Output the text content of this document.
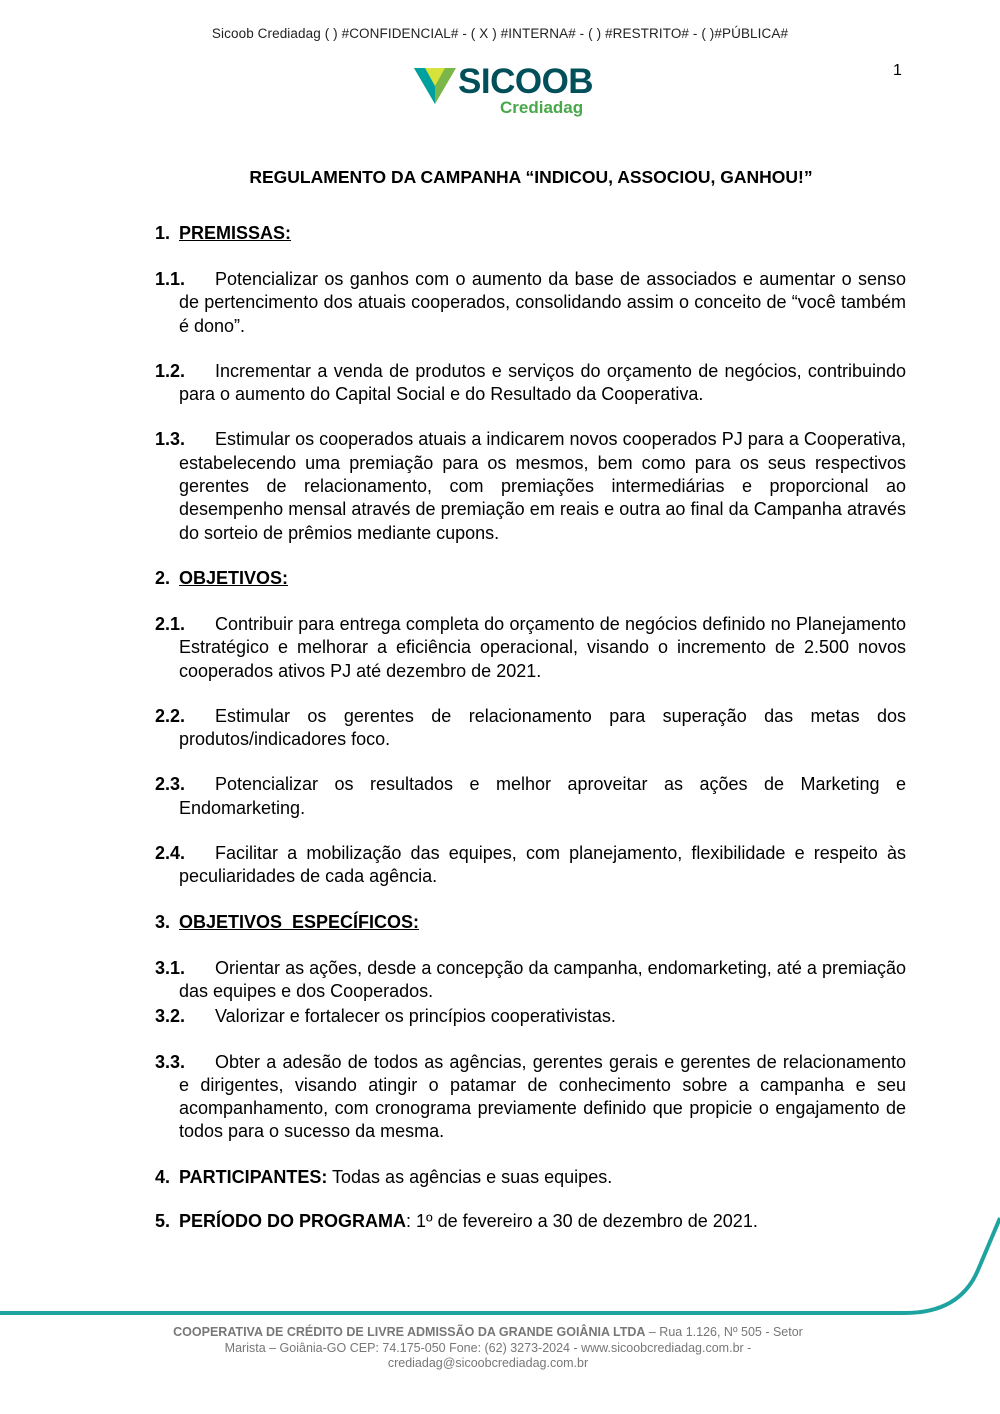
Sicoob Crediadag ( ) #CONFIDENCIAL# - ( X ) #INTERNA# - ( ) #RESTRITO# - ( )#PÚBLICA#
1
SICOOB
Crediadag
REGULAMENTO DA CAMPANHA “INDICOU, ASSOCIOU, GANHOU!”
1. PREMISSAS:
1.1. Potencializar os ganhos com o aumento da base de associados e aumentar o senso de pertencimento dos atuais cooperados, consolidando assim o conceito de “você também é dono”.
1.2. Incrementar a venda de produtos e serviços do orçamento de negócios, contribuindo para o aumento do Capital Social e do Resultado da Cooperativa.
1.3. Estimular os cooperados atuais a indicarem novos cooperados PJ para a Cooperativa, estabelecendo uma premiação para os mesmos, bem como para os seus respectivos gerentes de relacionamento, com premiações intermediárias e proporcional ao desempenho mensal através de premiação em reais e outra ao final da Campanha através do sorteio de prêmios mediante cupons.
2. OBJETIVOS:
2.1. Contribuir para entrega completa do orçamento de negócios definido no Planejamento Estratégico e melhorar a eficiência operacional, visando o incremento de 2.500 novos cooperados ativos PJ até dezembro de 2021.
2.2. Estimular os gerentes de relacionamento para superação das metas dos produtos/indicadores foco.
2.3. Potencializar os resultados e melhor aproveitar as ações de Marketing e Endomarketing.
2.4. Facilitar a mobilização das equipes, com planejamento, flexibilidade e respeito às peculiaridades de cada agência.
3. OBJETIVOS  ESPECÍFICOS:
3.1. Orientar as ações, desde a concepção da campanha, endomarketing, até a premiação das equipes e dos Cooperados.
3.2. Valorizar e fortalecer os princípios cooperativistas.
3.3. Obter a adesão de todos as agências, gerentes gerais e gerentes de relacionamento e dirigentes, visando atingir o patamar de conhecimento sobre a campanha e seu acompanhamento, com cronograma previamente definido que propicie o engajamento de todos para o sucesso da mesma.
4. PARTICIPANTES: Todas as agências e suas equipes.
5. PERÍODO DO PROGRAMA: 1º de fevereiro a 30 de dezembro de 2021.
COOPERATIVA DE CRÉDITO DE LIVRE ADMISSÃO DA GRANDE GOIÂNIA LTDA – Rua 1.126, Nº 505 - Setor
Marista – Goiânia-GO CEP: 74.175-050 Fone: (62) 3273-2024 - www.sicoobcrediadag.com.br -
crediadag@sicoobcrediadag.com.br
